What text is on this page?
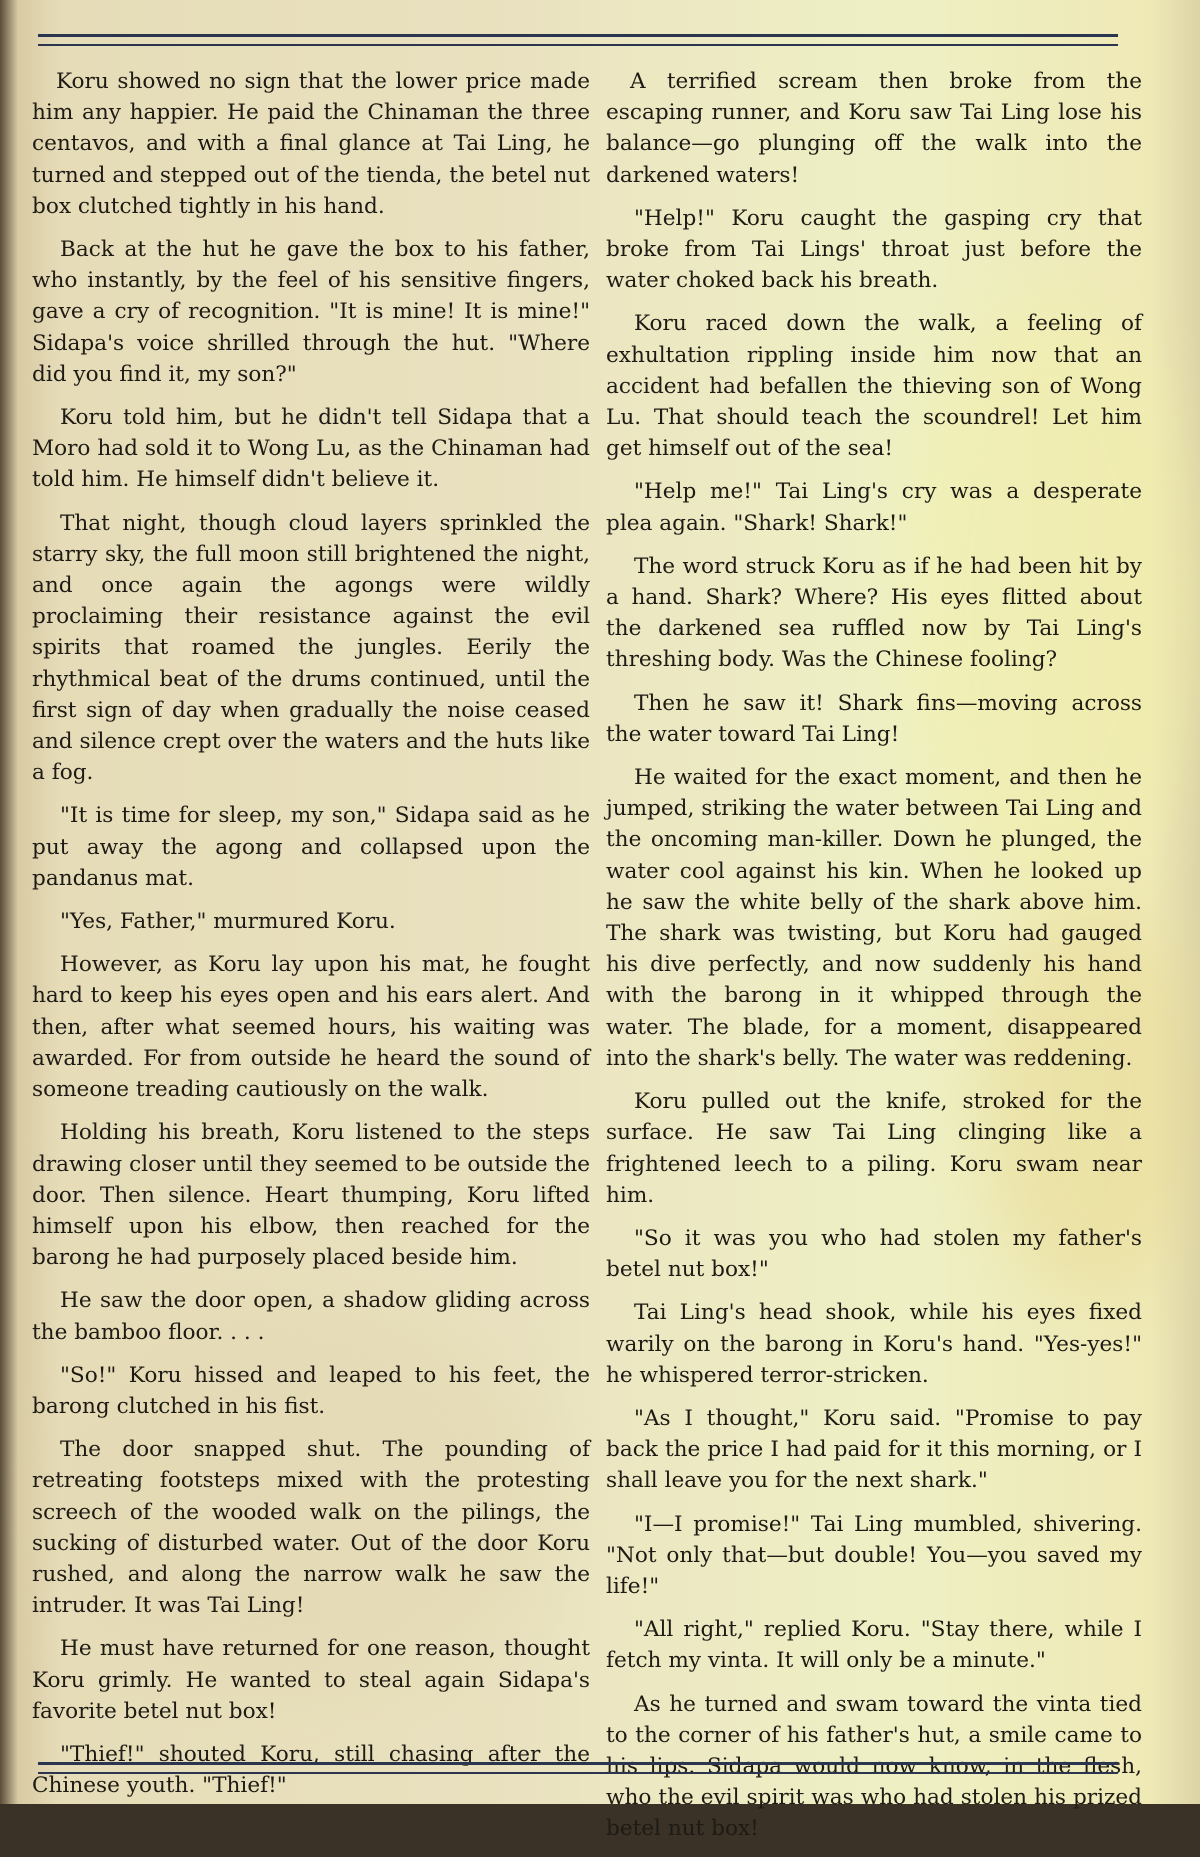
Koru showed no sign that the lower price made him any happier. He paid the Chinaman the three centavos, and with a final glance at Tai Ling, he turned and stepped out of the tienda, the betel nut box clutched tightly in his hand.

Back at the hut he gave the box to his father, who instantly, by the feel of his sensitive fingers, gave a cry of recognition. "It is mine! It is mine!" Sidapa's voice shrilled through the hut. "Where did you find it, my son?"

Koru told him, but he didn't tell Sidapa that a Moro had sold it to Wong Lu, as the Chinaman had told him. He himself didn't believe it.

That night, though cloud layers sprinkled the starry sky, the full moon still brightened the night, and once again the agongs were wildly proclaiming their resistance against the evil spirits that roamed the jungles. Eerily the rhythmical beat of the drums continued, until the first sign of day when gradually the noise ceased and silence crept over the waters and the huts like a fog.

"It is time for sleep, my son," Sidapa said as he put away the agong and collapsed upon the pandanus mat.

"Yes, Father," murmured Koru.

However, as Koru lay upon his mat, he fought hard to keep his eyes open and his ears alert. And then, after what seemed hours, his waiting was awarded. For from outside he heard the sound of someone treading cautiously on the walk.

Holding his breath, Koru listened to the steps drawing closer until they seemed to be outside the door. Then silence. Heart thumping, Koru lifted himself upon his elbow, then reached for the barong he had purposely placed beside him.

He saw the door open, a shadow gliding across the bamboo floor. . . .

"So!" Koru hissed and leaped to his feet, the barong clutched in his fist.

The door snapped shut. The pounding of retreating footsteps mixed with the protesting screech of the wooded walk on the pilings, the sucking of disturbed water. Out of the door Koru rushed, and along the narrow walk he saw the intruder. It was Tai Ling!

He must have returned for one reason, thought Koru grimly. He wanted to steal again Sidapa's favorite betel nut box!

"Thief!" shouted Koru, still chasing after the Chinese youth. "Thief!"

A terrified scream then broke from the escaping runner, and Koru saw Tai Ling lose his balance—go plunging off the walk into the darkened waters!

"Help!" Koru caught the gasping cry that broke from Tai Lings' throat just before the water choked back his breath.

Koru raced down the walk, a feeling of exhultation rippling inside him now that an accident had befallen the thieving son of Wong Lu. That should teach the scoundrel! Let him get himself out of the sea!

"Help me!" Tai Ling's cry was a desperate plea again. "Shark! Shark!"

The word struck Koru as if he had been hit by a hand. Shark? Where? His eyes flitted about the darkened sea ruffled now by Tai Ling's threshing body. Was the Chinese fooling?

Then he saw it! Shark fins—moving across the water toward Tai Ling!

He waited for the exact moment, and then he jumped, striking the water between Tai Ling and the oncoming man-killer. Down he plunged, the water cool against his kin. When he looked up he saw the white belly of the shark above him. The shark was twisting, but Koru had gauged his dive perfectly, and now suddenly his hand with the barong in it whipped through the water. The blade, for a moment, disappeared into the shark's belly. The water was reddening.

Koru pulled out the knife, stroked for the surface. He saw Tai Ling clinging like a frightened leech to a piling. Koru swam near him.

"So it was you who had stolen my father's betel nut box!"

Tai Ling's head shook, while his eyes fixed warily on the barong in Koru's hand. "Yes-yes!" he whispered terror-stricken.

"As I thought," Koru said. "Promise to pay back the price I had paid for it this morning, or I shall leave you for the next shark."

"I—I promise!" Tai Ling mumbled, shivering. "Not only that—but double! You—you saved my life!"

"All right," replied Koru. "Stay there, while I fetch my vinta. It will only be a minute."

As he turned and swam toward the vinta tied to the corner of his father's hut, a smile came to his lips. Sidapa would now know, in the flesh, who the evil spirit was who had stolen his prized betel nut box!
